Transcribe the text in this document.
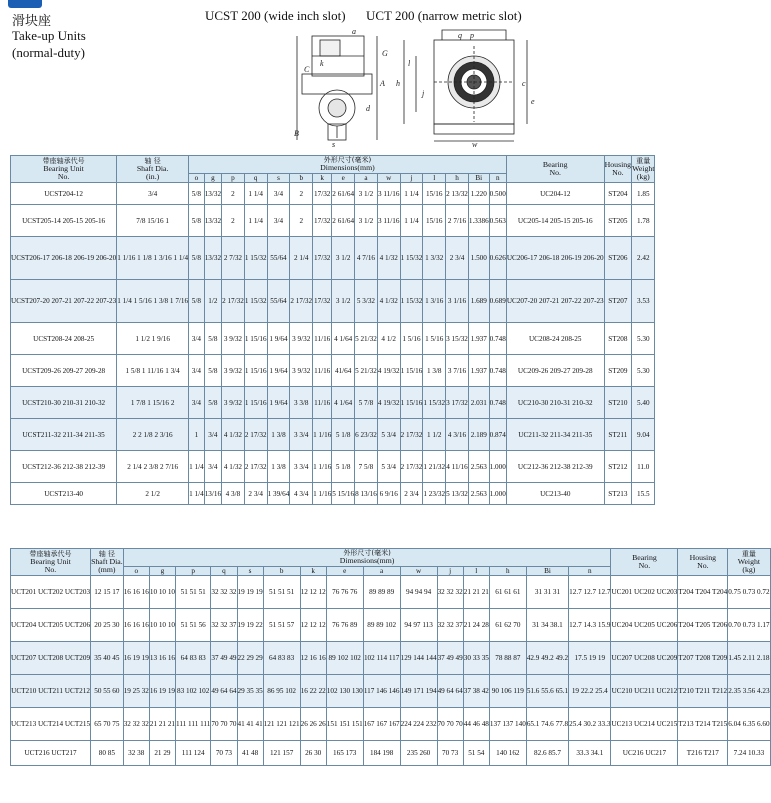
滑块座
Take-up Units
(normal-duty)
UCST 200 (wide inch slot) UCT 200 (narrow metric slot)
a
A
B
c
C
d
e
G
h
j
k	l
p
q
s	w
带座轴承代号
Bearing Unit
No.	轴 径
Shaft Dia.
(in.)	外形尺寸(毫米)
Dimensions(mm)															Bearing
No.	Housing
No.	重量
Weight
(kg)
		o	g	p	q	s	b	k	e	a	w	j	l	h	Bi	n			
UCST204-12	3/4	5/8	13/32	2	1 1/4	3/4	2	17/32	2 61/64	3 1/2	3 11/16	1 1/4	15/16	2 13/32	1.220	0.500	UC204-12	ST204	1.85
UCST205-14 205-15 205-16	7/8 15/16 1	5/8	13/32	2	1 1/4	3/4	2	17/32	2 61/64	3 1/2	3 11/16	1 1/4	15/16	2 7/16	1.3386	0.563	UC205-14 205-15 205-16	ST205	1.78
UCST206-17 206-18 206-19 206-20	1 1/16 1 1/8 1 3/16 1 1/4	5/8	13/32	2 7/32	1 15/32	55/64	2 1/4	17/32	3 1/2	4 7/16	4 1/32	1 15/32	1 3/32	2 3/4	1.500	0.626	UC206-17 206-18 206-19 206-20	ST206	2.42
UCST207-20 207-21 207-22 207-23	1 1/4 1 5/16 1 3/8 1 7/16	5/8	1/2	2 17/32	1 15/32	55/64	2 17/32	17/32	3 1/2	5 3/32	4 1/32	1 15/32	1 3/16	3 1/16	1.689	0.689	UC207-20 207-21 207-22 207-23	ST207	3.53
UCST208-24 208-25	1 1/2 1 9/16	3/4	5/8	3 9/32	1 15/16	1 9/64	3 9/32	11/16	4 1/64	5 21/32	4 1/2	1 5/16	1 5/16	3 15/32	1.937	0.748	UC208-24 208-25	ST208	5.30
UCST209-26 209-27 209-28	1 5/8 1 11/16 1 3/4	3/4	5/8	3 9/32	1 15/16	1 9/64	3 9/32	11/16	41/64	5 21/32	4 19/32	1 15/16	1 3/8	3 7/16	1.937	0.748	UC209-26 209-27 209-28	ST209	5.30
UCST210-30 210-31 210-32	1 7/8 1 15/16 2	3/4	5/8	3 9/32	1 15/16	1 9/64	3 3/8	11/16	4 1/64	5 7/8	4 19/32	1 15/16	1 15/32	3 17/32	2.031	0.748	UC210-30 210-31 210-32	ST210	5.40
UCST211-32 211-34 211-35	2 2 1/8 2 3/16	1	3/4	4 1/32	2 17/32	1 3/8	3 3/4	1 1/16	5 1/8	6 23/32	5 3/4	2 17/32	1 1/2	4 3/16	2.189	0.874	UC211-32 211-34 211-35	ST211	9.04
UCST212-36 212-38 212-39	2 1/4 2 3/8 2 7/16	1 1/4	3/4	4 1/32	2 17/32	1 3/8	3 3/4	1 1/16	5 1/8	7 5/8	5 3/4	2 17/32	1 21/32	4 11/16	2.563	1.000	UC212-36 212-38 212-39	ST212	11.0
UCST213-40	2 1/2	1 1/4	13/16	4 3/8	2 3/4	1 39/64	4 3/4	1 1/16	5 15/16	8 13/16	6 9/16	2 3/4	1 23/32	5 13/32	2.563	1.000	UC213-40	ST213	15.5
带座轴承代号
Bearing Unit
No.	轴 径
Shaft Dia.
(mm)	外形尺寸(毫米)
Dimensions(mm)															Bearing
No.	Housing
No.	重量
Weight
(kg)
		o	g	p	q	s	b	k	e	a	w	j	l	h	Bi	n			
UCT201 UCT202 UCT203	12 15 17	16 16 16	10 10 10	51 51 51	32 32 32	19 19 19	51 51 51	12 12 12	76 76 76	89 89 89	94 94 94	32 32 32	21 21 21	61 61 61	31 31 31	12.7 12.7 12.7	UC201 UC202 UC203	T204 T204 T204	0.75 0.73 0.72
UCT204 UCT205 UCT206	20 25 30	16 16 16	10 10 10	51 51 56	32 32 37	19 19 22	51 51 57	12 12 12	76 76 89	89 89 102	94 97 113	32 32 37	21 24 28	61 62 70	31 34 38.1	12.7 14.3 15.9	UC204 UC205 UC206	T204 T205 T206	0.70 0.73 1.17
UCT207 UCT208 UCT209	35 40 45	16 19 19	13 16 16	64 83 83	37 49 49	22 29 29	64 83 83	12 16 16	89 102 102	102 114 117	129 144 144	37 49 49	30 33 35	78 88 87	42.9 49.2 49.2	17.5 19 19	UC207 UC208 UC209	T207 T208 T209	1.45 2.11 2.18
UCT210 UCT211 UCT212	50 55 60	19 25 32	16 19 19	83 102 102	49 64 64	29 35 35	86 95 102	16 22 22	102 130 130	117 146 146	149 171 194	49 64 64	37 38 42	90 106 119	51.6 55.6 65.1	19 22.2 25.4	UC210 UC211 UC212	T210 T211 T212	2.35 3.56 4.23
UCT213 UCT214 UCT215	65 70 75	32 32 32	21 21 21	111 111 111	70 70 70	41 41 41	121 121 121	26 26 26	151 151 151	167 167 167	224 224 232	70 70 70	44 46 48	137 137 140	65.1 74.6 77.8	25.4 30.2 33.3	UC213 UC214 UC215	T213 T214 T215	6.04 6.35 6.60
UCT216 UCT217	80 85	32 38	21 29	111 124	70 73	41 48	121 157	26 30	165 173	184 198	235 260	70 73	51 54	140 162	82.6 85.7	33.3 34.1	UC216 UC217	T216 T217	7.24 10.33
